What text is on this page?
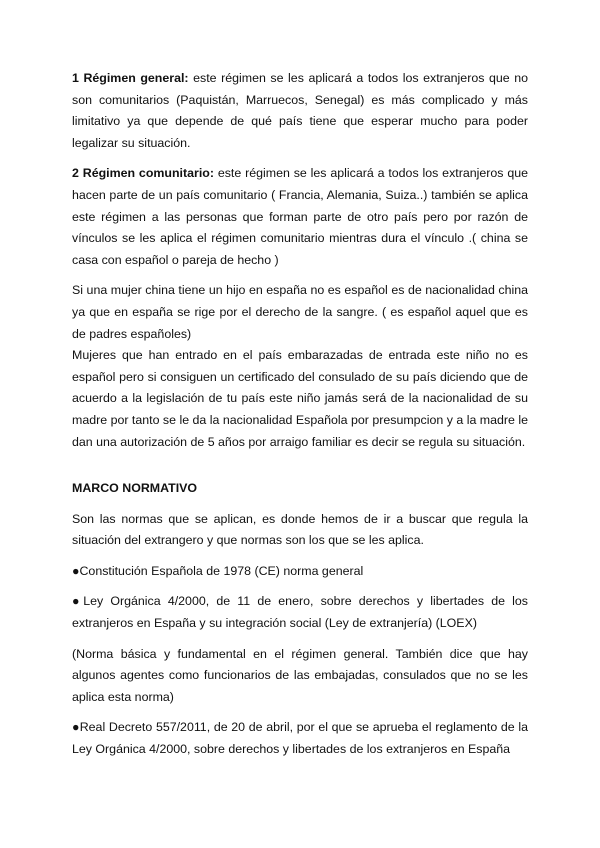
1 Régimen general: este régimen se les aplicará a todos los extranjeros que no son comunitarios (Paquistán, Marruecos, Senegal) es más complicado y más limitativo ya que depende de qué país tiene que esperar mucho para poder legalizar su situación.

2 Régimen comunitario: este régimen se les aplicará a todos los extranjeros que hacen parte de un país comunitario ( Francia, Alemania, Suiza..) también se aplica este régimen a las personas que forman parte de otro país pero por razón de vínculos se les aplica el régimen comunitario mientras dura el vínculo .( china se casa con español o pareja de hecho )

Si una mujer china tiene un hijo en españa no es español es de nacionalidad china ya que en españa se rige por el derecho de la sangre. ( es español aquel que es de padres españoles)

Mujeres que han entrado en el país embarazadas de entrada este niño no es español pero si consiguen un certificado del consulado de su país diciendo que de acuerdo a la legislación de tu país este niño jamás será de la nacionalidad de su madre por tanto se le da la nacionalidad Española por presumpcion y a la madre le dan una autorización de 5 años por arraigo familiar es decir se regula su situación.

MARCO NORMATIVO

Son las normas que se aplican, es donde hemos de ir a buscar que regula la situación del extrangero y que normas son los que se les aplica.

●Constitución Española de 1978 (CE) norma general

●Ley Orgánica 4/2000, de 11 de enero, sobre derechos y libertades de los extranjeros en España y su integración social (Ley de extranjería) (LOEX)

(Norma básica y fundamental en el régimen general. También dice que hay algunos agentes como funcionarios de las embajadas, consulados que no se les aplica esta norma)

●Real Decreto 557/2011, de 20 de abril, por el que se aprueba el reglamento de la Ley Orgánica 4/2000, sobre derechos y libertades de los extranjeros en España
